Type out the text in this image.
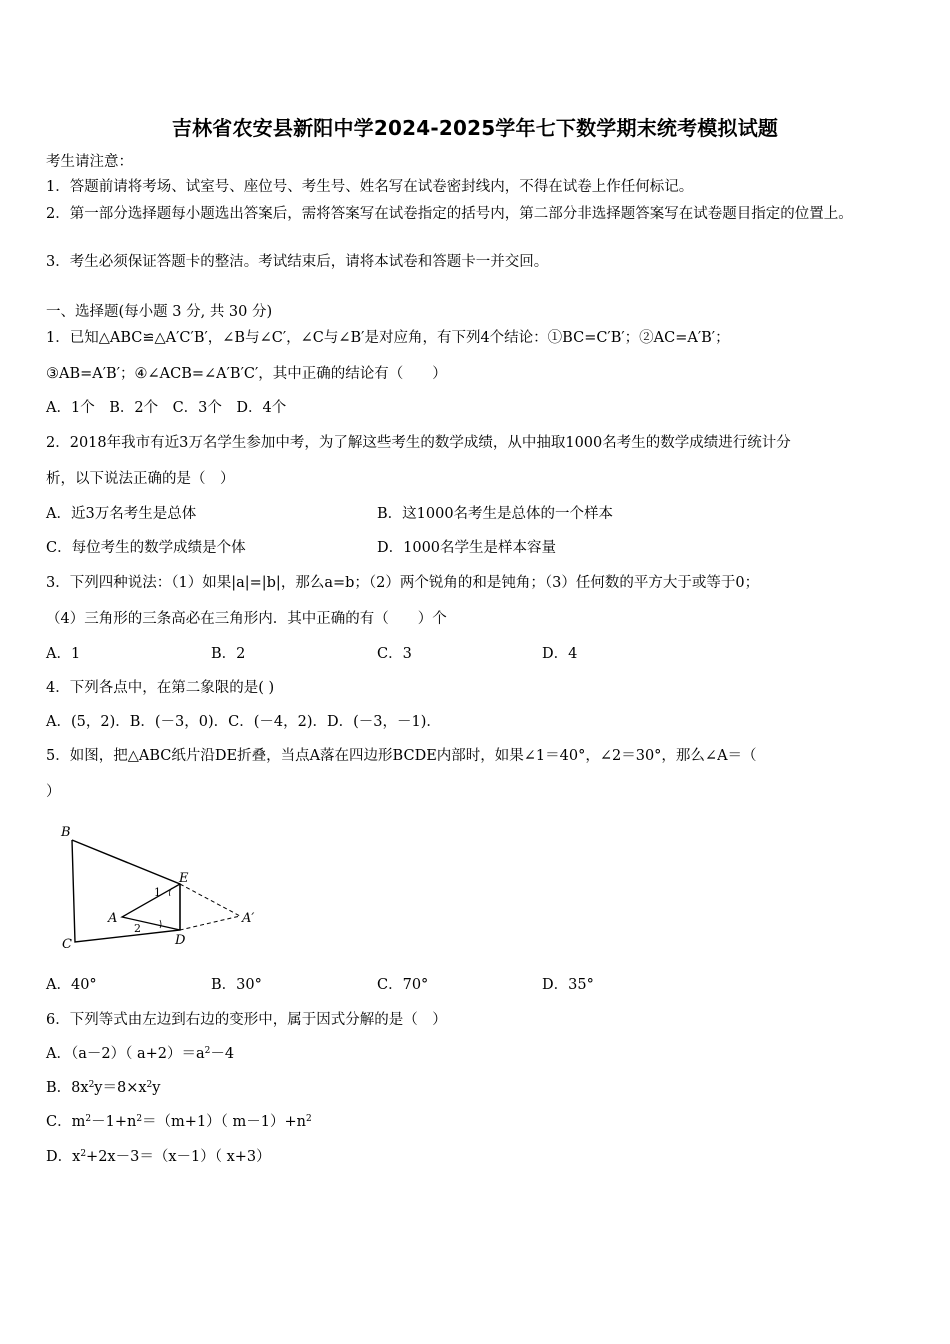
吉林省农安县新阳中学2024-2025学年七下数学期末统考模拟试题
考生请注意：
1．答题前请将考场、试室号、座位号、考生号、姓名写在试卷密封线内，不得在试卷上作任何标记。
2．第一部分选择题每小题选出答案后，需将答案写在试卷指定的括号内，第二部分非选择题答案写在试卷题目指定的位置上。
3．考生必须保证答题卡的整洁。考试结束后，请将本试卷和答题卡一并交回。
一、选择题(每小题 3 分, 共 30 分)
1．已知△ABC≌△A′C′B′，∠B与∠C′，∠C与∠B′是对应角，有下列4个结论：①BC=C′B′；②AC=A′B′；
③AB=A′B′；④∠ACB=∠A′B′C′，其中正确的结论有（　　）
A．1个　B．2个　C．3个　D．4个
2．2018年我市有近3万名学生参加中考，为了解这些考生的数学成绩，从中抽取1000名考生的数学成绩进行统计分
析，以下说法正确的是（　）
A．近3万名考生是总体	B．这1000名考生是总体的一个样本
C．每位考生的数学成绩是个体	D．1000名学生是样本容量
3．下列四种说法：（1）如果|a|=|b|，那么a=b；（2）两个锐角的和是钝角；（3）任何数的平方大于或等于0；
（4）三角形的三条高必在三角形内．其中正确的有（　　）个
A．1	B．2	C．3	D．4
4．下列各点中，在第二象限的是( )
A．(5，2)．B．(－3，0)．C．(－4，2)．D．(－3，－1)．
5．如图，把△ABC纸片沿DE折叠，当点A落在四边形BCDE内部时，如果∠1＝40°，∠2＝30°，那么∠A＝（
）
B
E
1
A	A′
2
C	D
A．40°	B．30°	C．70°	D．35°
6．下列等式由左边到右边的变形中，属于因式分解的是（　）
A．（a－2）（ $a+2)=a^2-4$
B．$8x^2y=8\times x^2y$
C．$m^2-1+n^2=(m+1)$（ $m-1)+n^2$
D．$x^2+2x-3=(x-1)$（ x+3）
